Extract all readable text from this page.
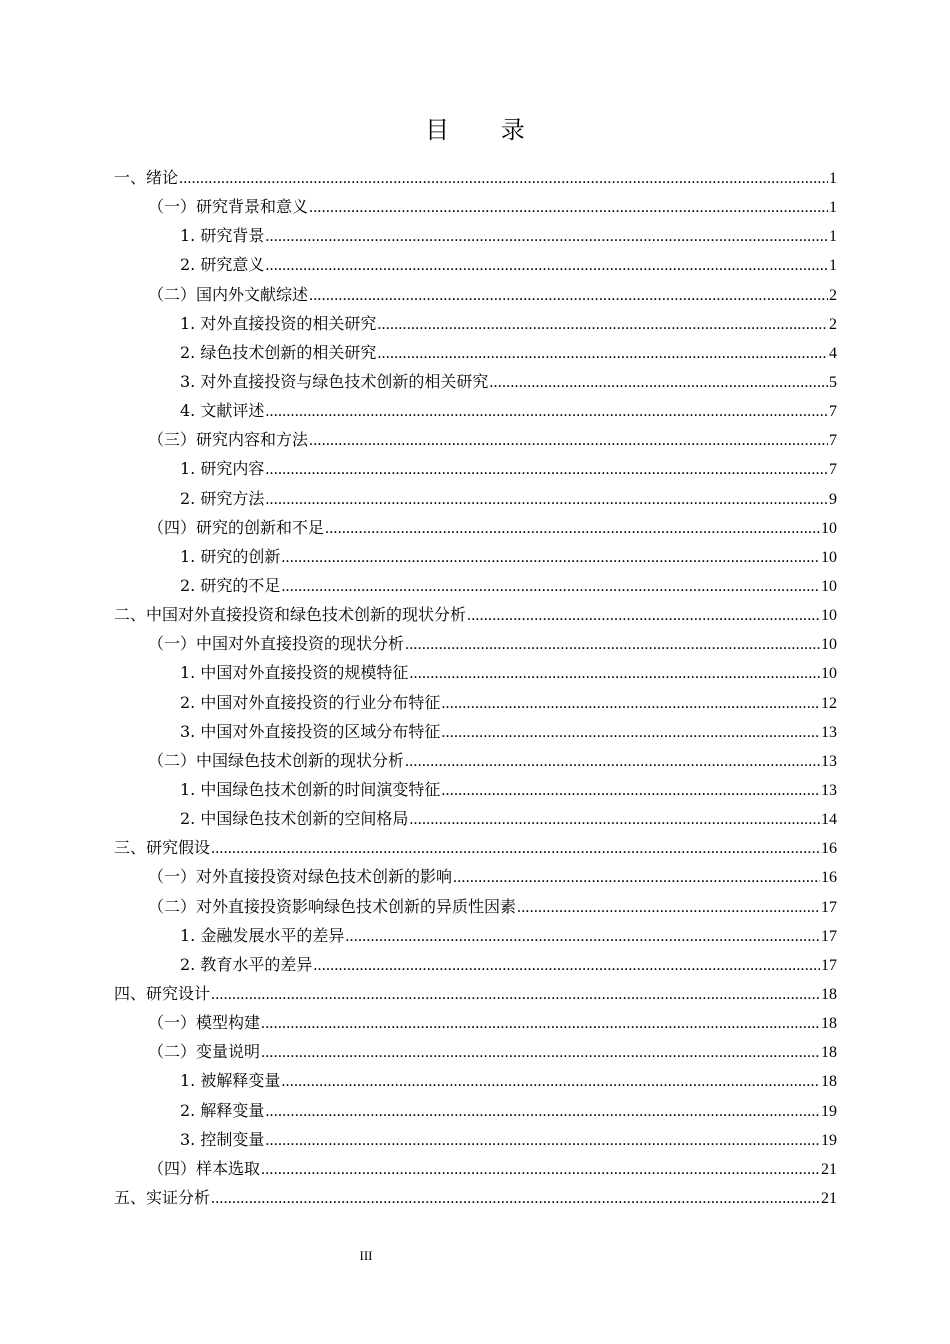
目 录
一、绪论 .....	1
（一）研究背景和意义 .....	1
1. 研究背景 .....	1
2. 研究意义 .....	1
（二）国内外文献综述 .....	2
1. 对外直接投资的相关研究 .....	2
2. 绿色技术创新的相关研究 .....	4
3. 对外直接投资与绿色技术创新的相关研究 .....	5
4. 文献评述 .....	7
（三）研究内容和方法 .....	7
1. 研究内容 .....	7
2. 研究方法 .....	9
（四）研究的创新和不足 .....	10
1. 研究的创新 .....	10
2. 研究的不足 .....	10
二、中国对外直接投资和绿色技术创新的现状分析 .....	10
（一）中国对外直接投资的现状分析 .....	10
1. 中国对外直接投资的规模特征 .....	10
2. 中国对外直接投资的行业分布特征 .....	12
3. 中国对外直接投资的区域分布特征 .....	13
（二）中国绿色技术创新的现状分析 .....	13
1. 中国绿色技术创新的时间演变特征 .....	13
2. 中国绿色技术创新的空间格局 .....	14
三、研究假设 .....	16
（一）对外直接投资对绿色技术创新的影响 .....	16
（二）对外直接投资影响绿色技术创新的异质性因素 .....	17
1. 金融发展水平的差异 .....	17
2. 教育水平的差异 .....	17
四、研究设计 .....	18
（一）模型构建 .....	18
（二）变量说明 .....	18
1. 被解释变量 .....	18
2. 解释变量 .....	19
3. 控制变量 .....	19
（四）样本选取 .....	21
五、实证分析 .....	21
III
